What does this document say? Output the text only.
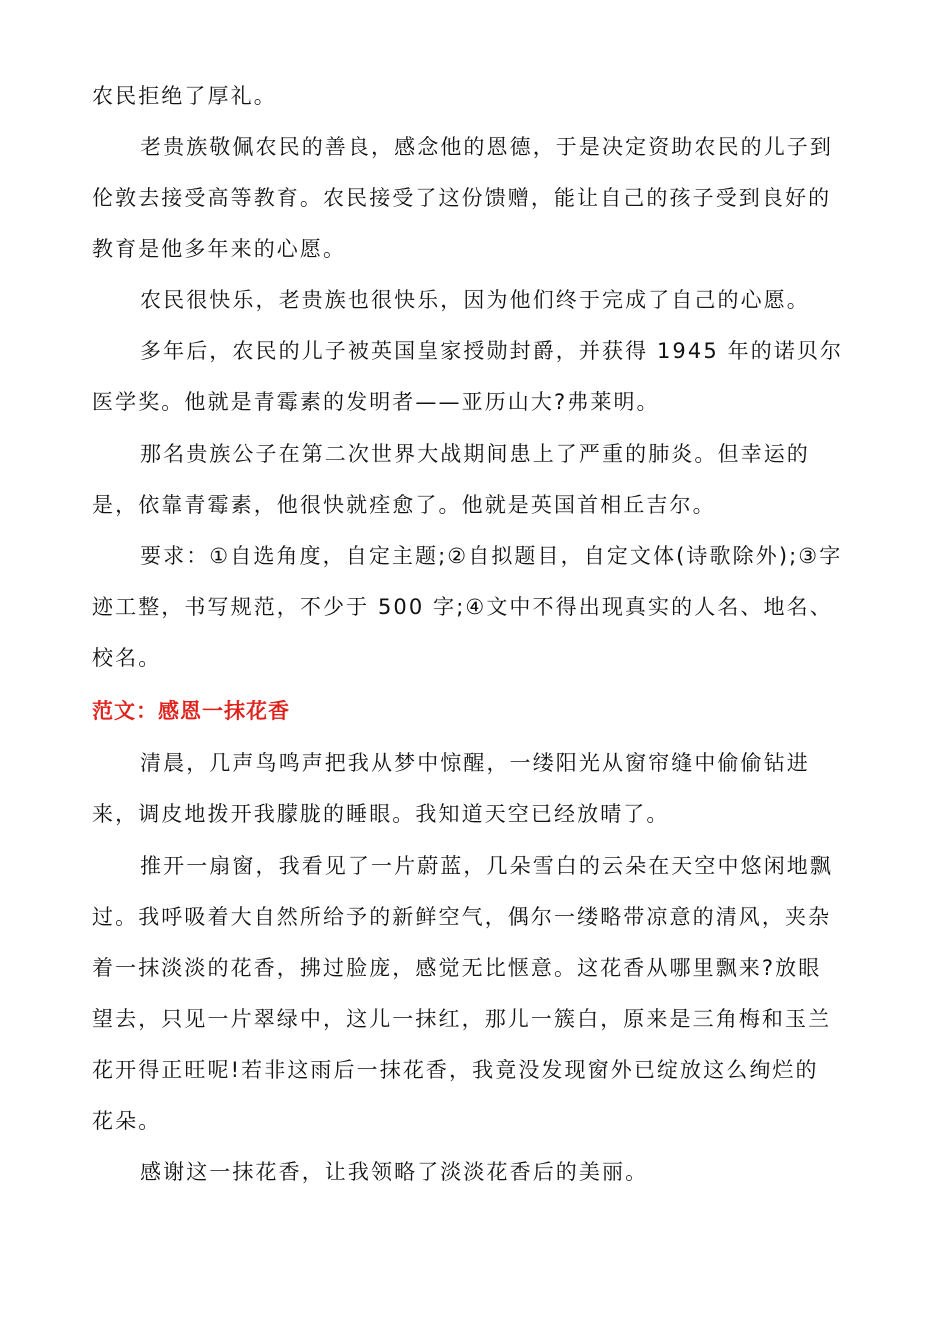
农民拒绝了厚礼。
老贵族敬佩农民的善良，感念他的恩德，于是决定资助农民的儿子到
伦敦去接受高等教育。农民接受了这份馈赠，能让自己的孩子受到良好的
教育是他多年来的心愿。
农民很快乐，老贵族也很快乐，因为他们终于完成了自己的心愿。
多年后，农民的儿子被英国皇家授勋封爵，并获得 1945 年的诺贝尔
医学奖。他就是青霉素的发明者——亚历山大?弗莱明。
那名贵族公子在第二次世界大战期间患上了严重的肺炎。但幸运的
是，依靠青霉素，他很快就痊愈了。他就是英国首相丘吉尔。
要求：①自选角度，自定主题;②自拟题目，自定文体(诗歌除外);③字
迹工整，书写规范，不少于 500 字;④文中不得出现真实的人名、地名、
校名。
范文：感恩一抹花香
清晨，几声鸟鸣声把我从梦中惊醒，一缕阳光从窗帘缝中偷偷钻进
来，调皮地拨开我朦胧的睡眼。我知道天空已经放晴了。
推开一扇窗，我看见了一片蔚蓝，几朵雪白的云朵在天空中悠闲地飘
过。我呼吸着大自然所给予的新鲜空气，偶尔一缕略带凉意的清风，夹杂
着一抹淡淡的花香，拂过脸庞，感觉无比惬意。这花香从哪里飘来?放眼
望去，只见一片翠绿中，这儿一抹红，那儿一簇白，原来是三角梅和玉兰
花开得正旺呢!若非这雨后一抹花香，我竟没发现窗外已绽放这么绚烂的
花朵。
感谢这一抹花香，让我领略了淡淡花香后的美丽。
